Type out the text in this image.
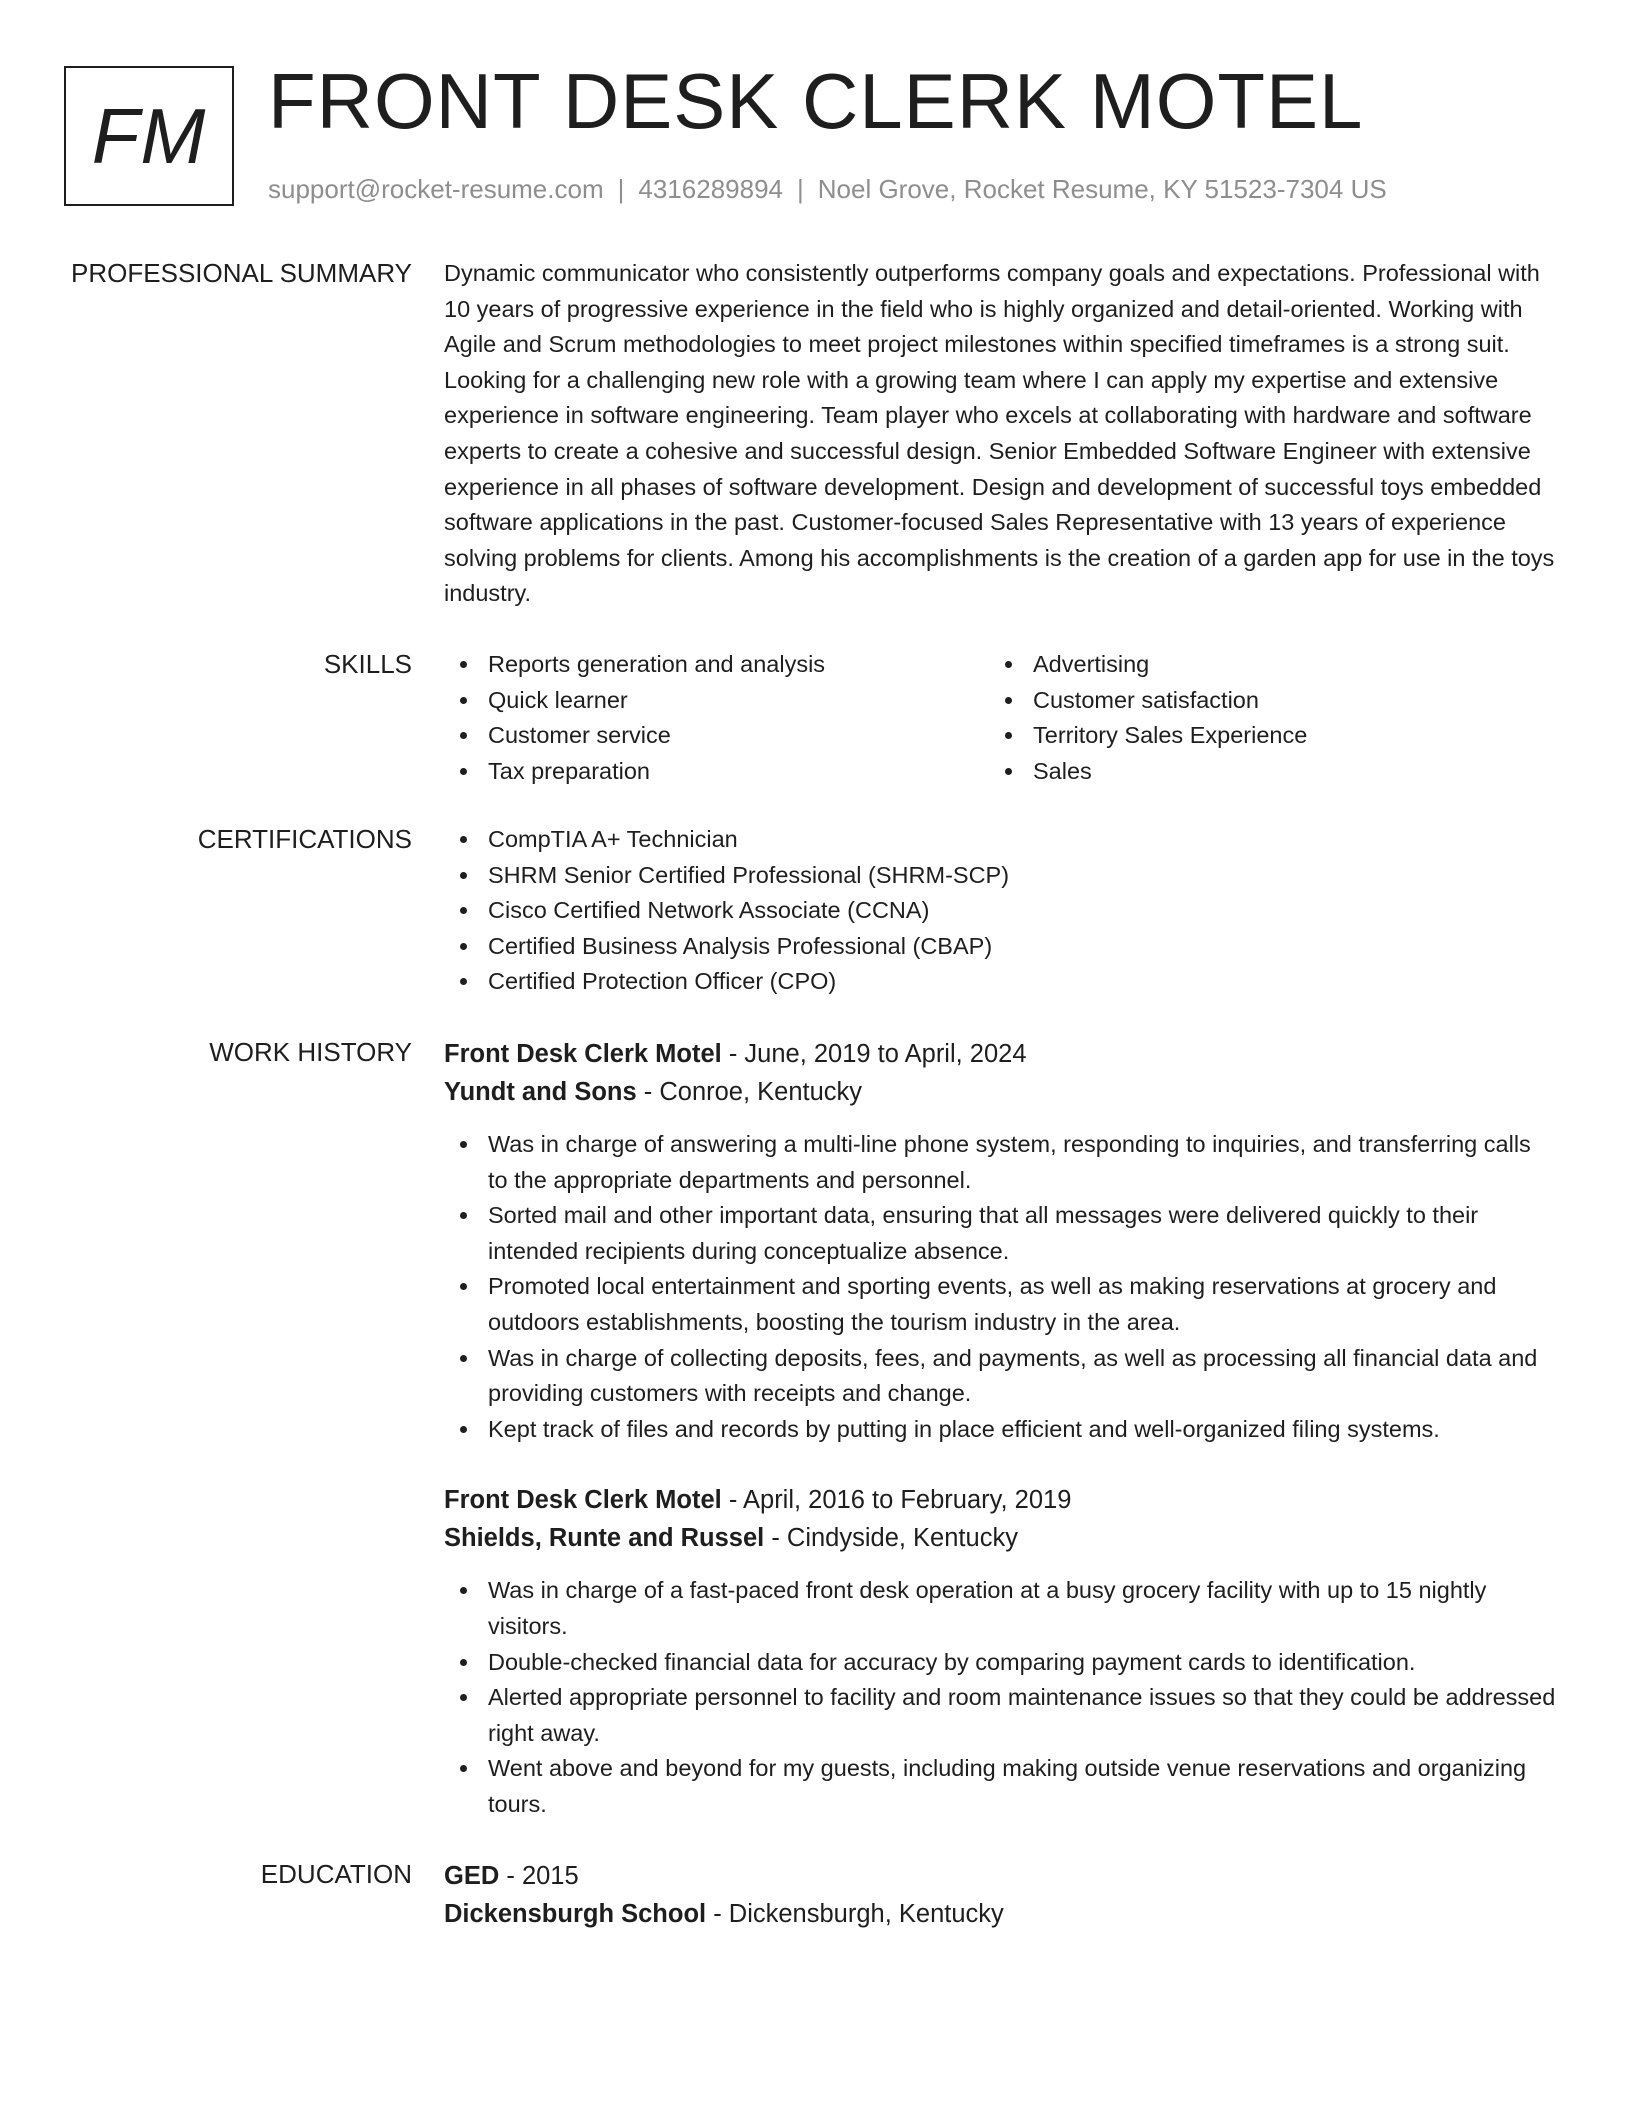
FM FRONT DESK CLERK MOTEL
support@rocket-resume.com | 4316289894 | Noel Grove, Rocket Resume, KY 51523-7304 US
PROFESSIONAL SUMMARY Dynamic communicator who consistently outperforms company goals and expectations. Professional with 10 years of progressive experience in the field who is highly organized and detail-oriented. Working with Agile and Scrum methodologies to meet project milestones within specified timeframes is a strong suit. Looking for a challenging new role with a growing team where I can apply my expertise and extensive experience in software engineering. Team player who excels at collaborating with hardware and software experts to create a cohesive and successful design. Senior Embedded Software Engineer with extensive experience in all phases of software development. Design and development of successful toys embedded software applications in the past. Customer-focused Sales Representative with 13 years of experience solving problems for clients. Among his accomplishments is the creation of a garden app for use in the toys industry.

SKILLS	Reports generation and analysis
Quick learner
Customer service
Tax preparation
Advertising
Customer satisfaction
Territory Sales Experience
Sales
CERTIFICATIONS	CompTIA A+ Technician
SHRM Senior Certified Professional (SHRM-SCP)
Cisco Certified Network Associate (CCNA)
Certified Business Analysis Professional (CBAP)
Certified Protection Officer (CPO)
WORK HISTORY Front Desk Clerk Motel - June, 2019 to April, 2024
Yundt and Sons - Conroe, Kentucky
Was in charge of answering a multi-line phone system, responding to inquiries, and transferring calls to the appropriate departments and personnel.
Sorted mail and other important data, ensuring that all messages were delivered quickly to their intended recipients during conceptualize absence.
Promoted local entertainment and sporting events, as well as making reservations at grocery and outdoors establishments, boosting the tourism industry in the area.
Was in charge of collecting deposits, fees, and payments, as well as processing all financial data and providing customers with receipts and change.
Kept track of files and records by putting in place efficient and well-organized filing systems.
Front Desk Clerk Motel - April, 2016 to February, 2019
Shields, Runte and Russel - Cindyside, Kentucky
Was in charge of a fast-paced front desk operation at a busy grocery facility with up to 15 nightly visitors.
Double-checked financial data for accuracy by comparing payment cards to identification.
Alerted appropriate personnel to facility and room maintenance issues so that they could be addressed right away.
Went above and beyond for my guests, including making outside venue reservations and organizing tours.
EDUCATION GED - 2015
Dickensburgh School - Dickensburgh, Kentucky
